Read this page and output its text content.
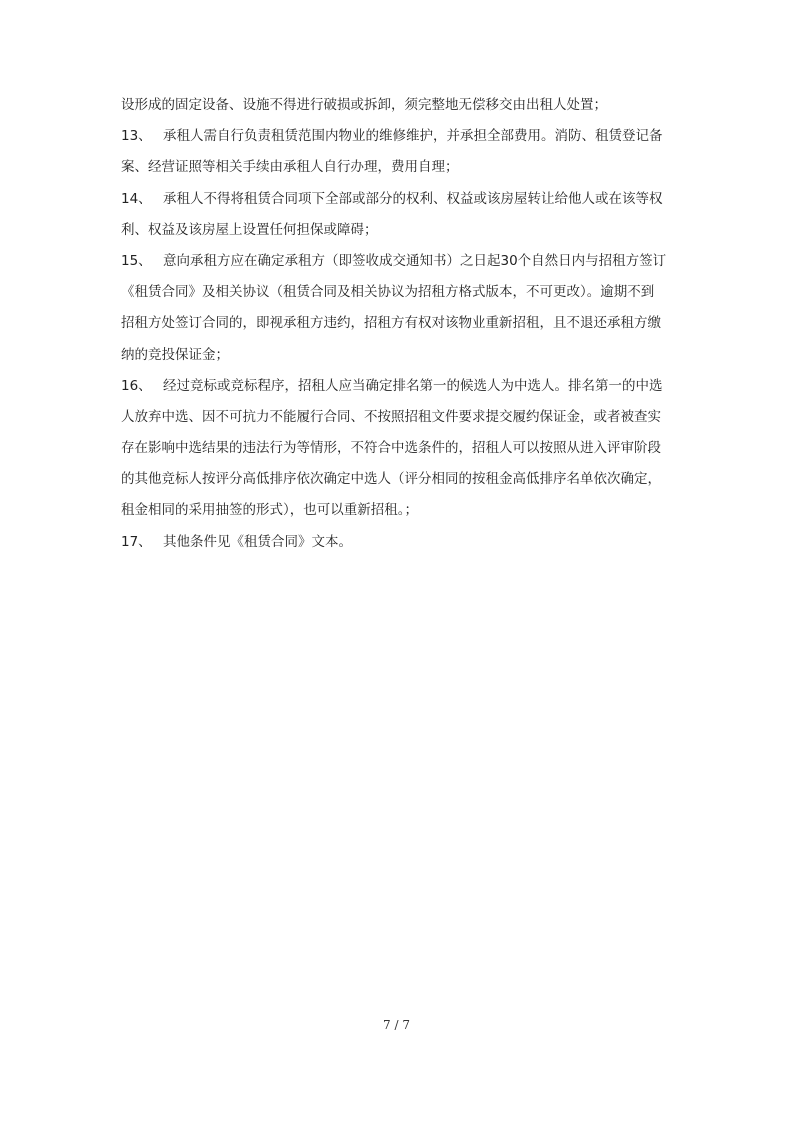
设形成的固定设备、设施不得进行破损或拆卸，须完整地无偿移交由出租人处置；
13、 承租人需自行负责租赁范围内物业的维修维护，并承担全部费用。消防、租赁登记备
案、经营证照等相关手续由承租人自行办理，费用自理；
14、 承租人不得将租赁合同项下全部或部分的权利、权益或该房屋转让给他人或在该等权
利、权益及该房屋上设置任何担保或障碍；
15、 意向承租方应在确定承租方（即签收成交通知书）之日起30个自然日内与招租方签订
《租赁合同》及相关协议（租赁合同及相关协议为招租方格式版本，不可更改）。逾期不到
招租方处签订合同的，即视承租方违约，招租方有权对该物业重新招租，且不退还承租方缴
纳的竞投保证金；
16、 经过竞标或竞标程序，招租人应当确定排名第一的候选人为中选人。排名第一的中选
人放弃中选、因不可抗力不能履行合同、不按照招租文件要求提交履约保证金，或者被查实
存在影响中选结果的违法行为等情形，不符合中选条件的，招租人可以按照从进入评审阶段
的其他竞标人按评分高低排序依次确定中选人（评分相同的按租金高低排序名单依次确定，
租金相同的采用抽签的形式），也可以重新招租。；
17、 其他条件见《租赁合同》文本。
7 / 7
